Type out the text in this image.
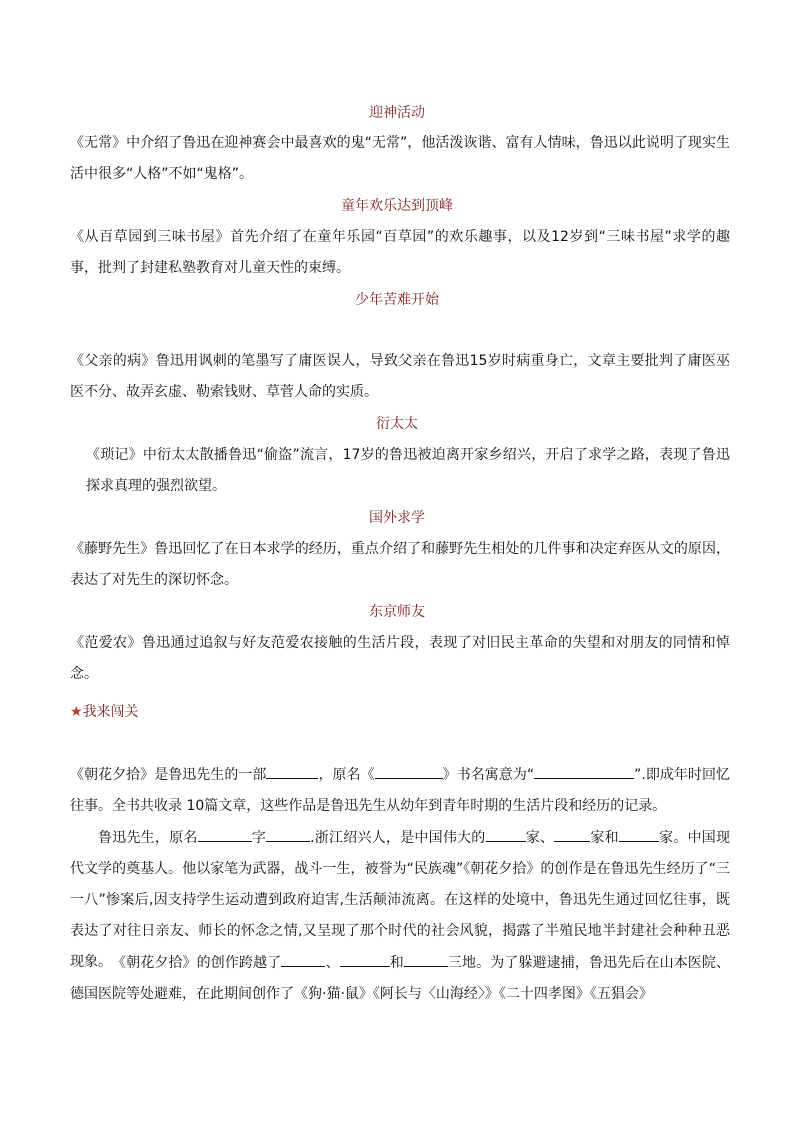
迎神活动
《无常》中介绍了鲁迅在迎神赛会中最喜欢的鬼“无常”，他活泼诙谐、富有人情味，鲁迅以此说明了现实生活中很多“人格”不如“鬼格”。
童年欢乐达到顶峰
《从百草园到三味书屋》首先介绍了在童年乐园“百草园”的欢乐趣事，以及12岁到“三味书屋”求学的趣事，批判了封建私塾教育对儿童天性的束缚。
少年苦难开始
《父亲的病》鲁迅用讽刺的笔墨写了庸医误人，导致父亲在鲁迅15岁时病重身亡，文章主要批判了庸医巫医不分、故弄玄虚、勒索钱财、草菅人命的实质。
衍太太
《琐记》中衍太太散播鲁迅“偷盗”流言，17岁的鲁迅被迫离开家乡绍兴，开启了求学之路，表现了鲁迅探求真理的强烈欲望。
国外求学
《藤野先生》鲁迅回忆了在日本求学的经历，重点介绍了和藤野先生相处的几件事和决定弃医从文的原因，表达了对先生的深切怀念。
东京师友
《范爱农》鲁迅通过追叙与好友范爱农接触的生活片段，表现了对旧民主革命的失望和对朋友的同情和悼念。
★我来闯关
《朝花夕拾》是鲁迅先生的一部	，原名《	》书名寓意为“	”.即成年时回忆往事。全书共收录 10篇文章，这些作品是鲁迅先生从幼年到青年时期的生活片段和经历的记录。
鲁迅先生，原名	字	.浙江绍兴人，是中国伟大的	家、	家和	家。中国现代文学的奠基人。他以家笔为武器，战斗一生，被誉为“民族魂”《朝花夕拾》的创作是在鲁迅先生经历了“三一八”惨案后,因支持学生运动遭到政府迫害,生活颠沛流离。在这样的处境中，鲁迅先生通过回忆往事，既表达了对往日亲友、师长的怀念之情,又呈现了那个时代的社会风貌，揭露了半殖民地半封建社会种种丑恶现象。 《朝花夕拾》的创作跨越了	、	和	三地。为了躲避逮捕，鲁迅先后在山本医院、德国医院等处避难，在此期间创作了《狗·猫·鼠》《阿长与〈山海经〉》《二十四孝图》《五猖会》
